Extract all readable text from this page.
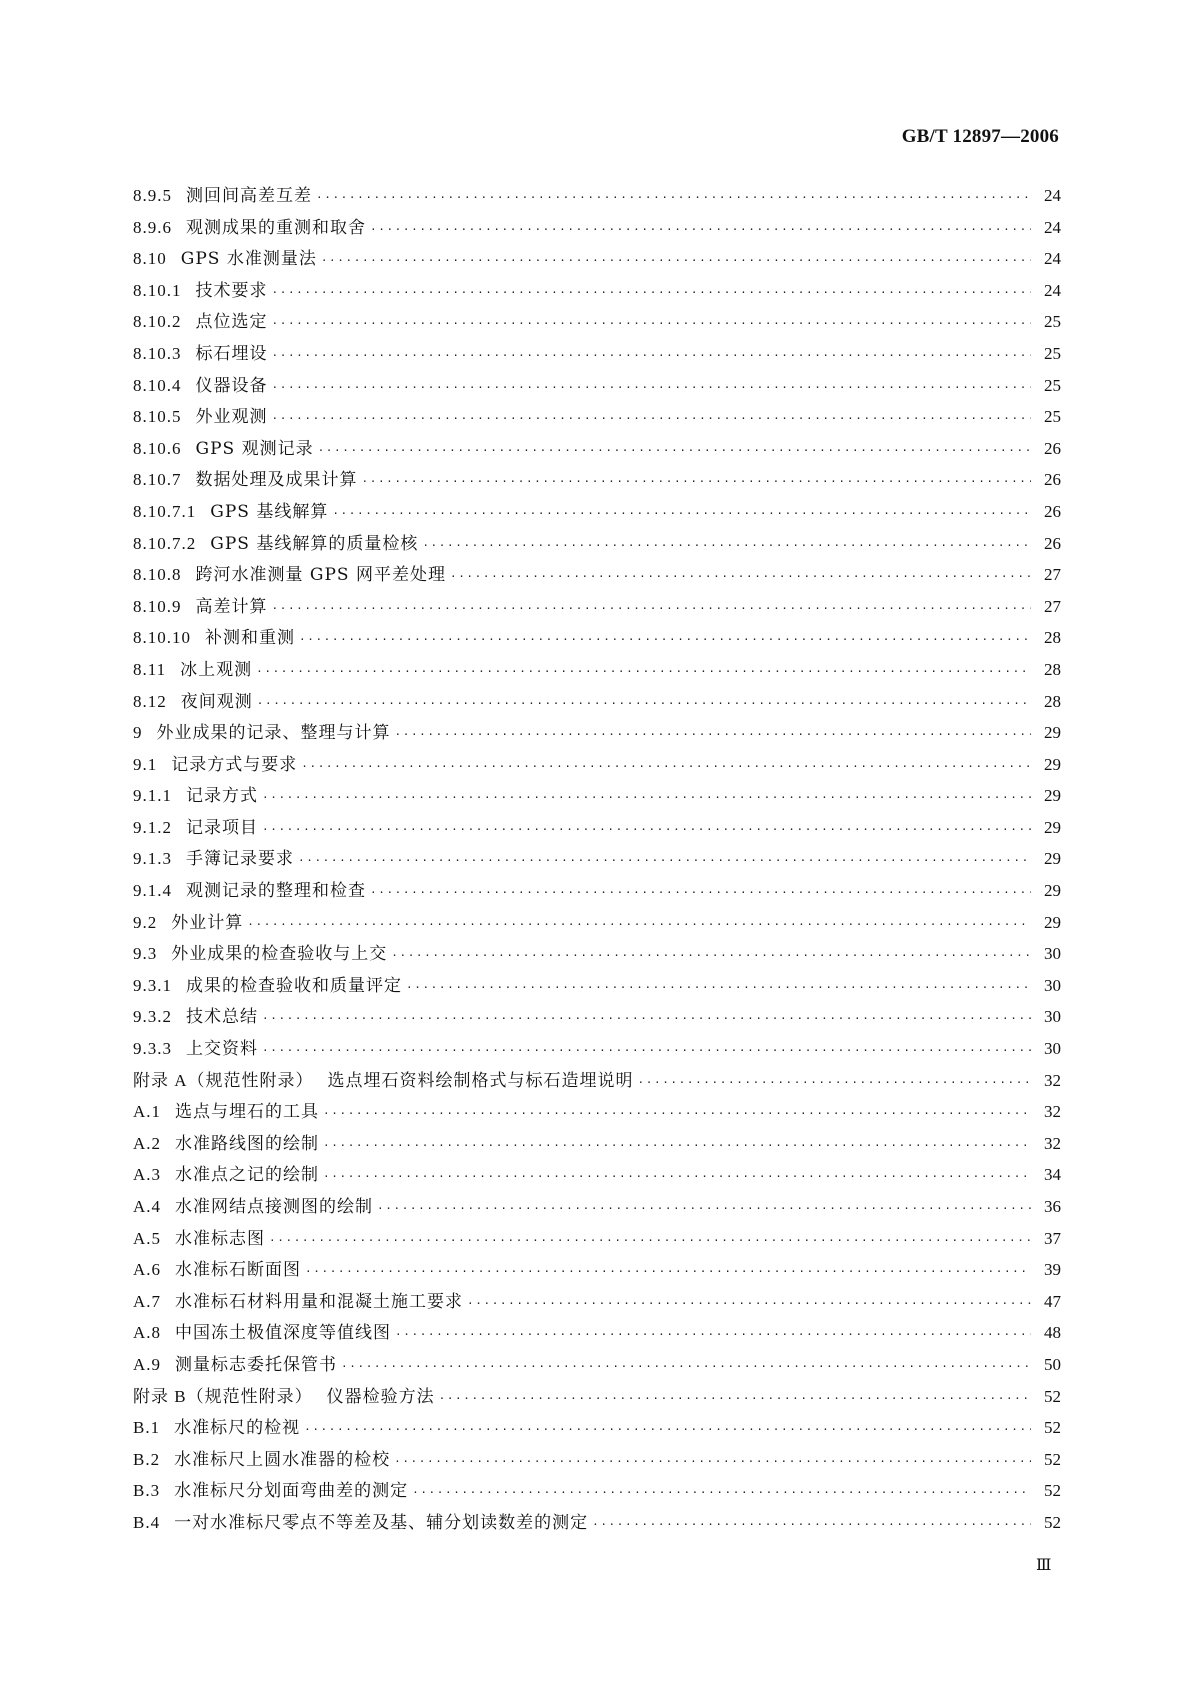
GB/T 12897—2006
8.9.5 测回间高差互差 ·····	24
8.9.6 观测成果的重测和取舍 ·····	24
8.10 GPS 水准测量法 ·····	24
8.10.1 技术要求 ·····	24
8.10.2 点位选定 ·····	25
8.10.3 标石埋设 ·····	25
8.10.4 仪器设备 ·····	25
8.10.5 外业观测 ·····	25
8.10.6 GPS 观测记录 ·····	26
8.10.7 数据处理及成果计算 ·····	26
8.10.7.1 GPS 基线解算 ·····	26
8.10.7.2 GPS 基线解算的质量检核 ·····	26
8.10.8 跨河水准测量 GPS 网平差处理 ·····	27
8.10.9 高差计算 ·····	27
8.10.10 补测和重测 ·····	28
8.11 冰上观测 ·····	28
8.12 夜间观测 ·····	28
9 外业成果的记录、整理与计算 ·····	29
9.1 记录方式与要求 ·····	29
9.1.1 记录方式 ·····	29
9.1.2 记录项目 ·····	29
9.1.3 手簿记录要求 ·····	29
9.1.4 观测记录的整理和检查 ·····	29
9.2 外业计算 ·····	29
9.3 外业成果的检查验收与上交 ·····	30
9.3.1 成果的检查验收和质量评定 ·····	30
9.3.2 技术总结 ·····	30
9.3.3 上交资料 ·····	30
附录 A（规范性附录） 选点埋石资料绘制格式与标石造埋说明 ·····	32
A.1 选点与埋石的工具 ·····	32
A.2 水准路线图的绘制 ·····	32
A.3 水准点之记的绘制 ·····	34
A.4 水准网结点接测图的绘制 ·····	36
A.5 水准标志图 ·····	37
A.6 水准标石断面图 ·····	39
A.7 水准标石材料用量和混凝土施工要求 ·····	47
A.8 中国冻土极值深度等值线图 ·····	48
A.9 测量标志委托保管书 ·····	50
附录 B（规范性附录） 仪器检验方法 ·····	52
B.1 水准标尺的检视 ·····	52
B.2 水准标尺上圆水准器的检校 ·····	52
B.3 水准标尺分划面弯曲差的测定 ·····	52
B.4 一对水准标尺零点不等差及基、辅分划读数差的测定 ·····	52
Ⅲ
